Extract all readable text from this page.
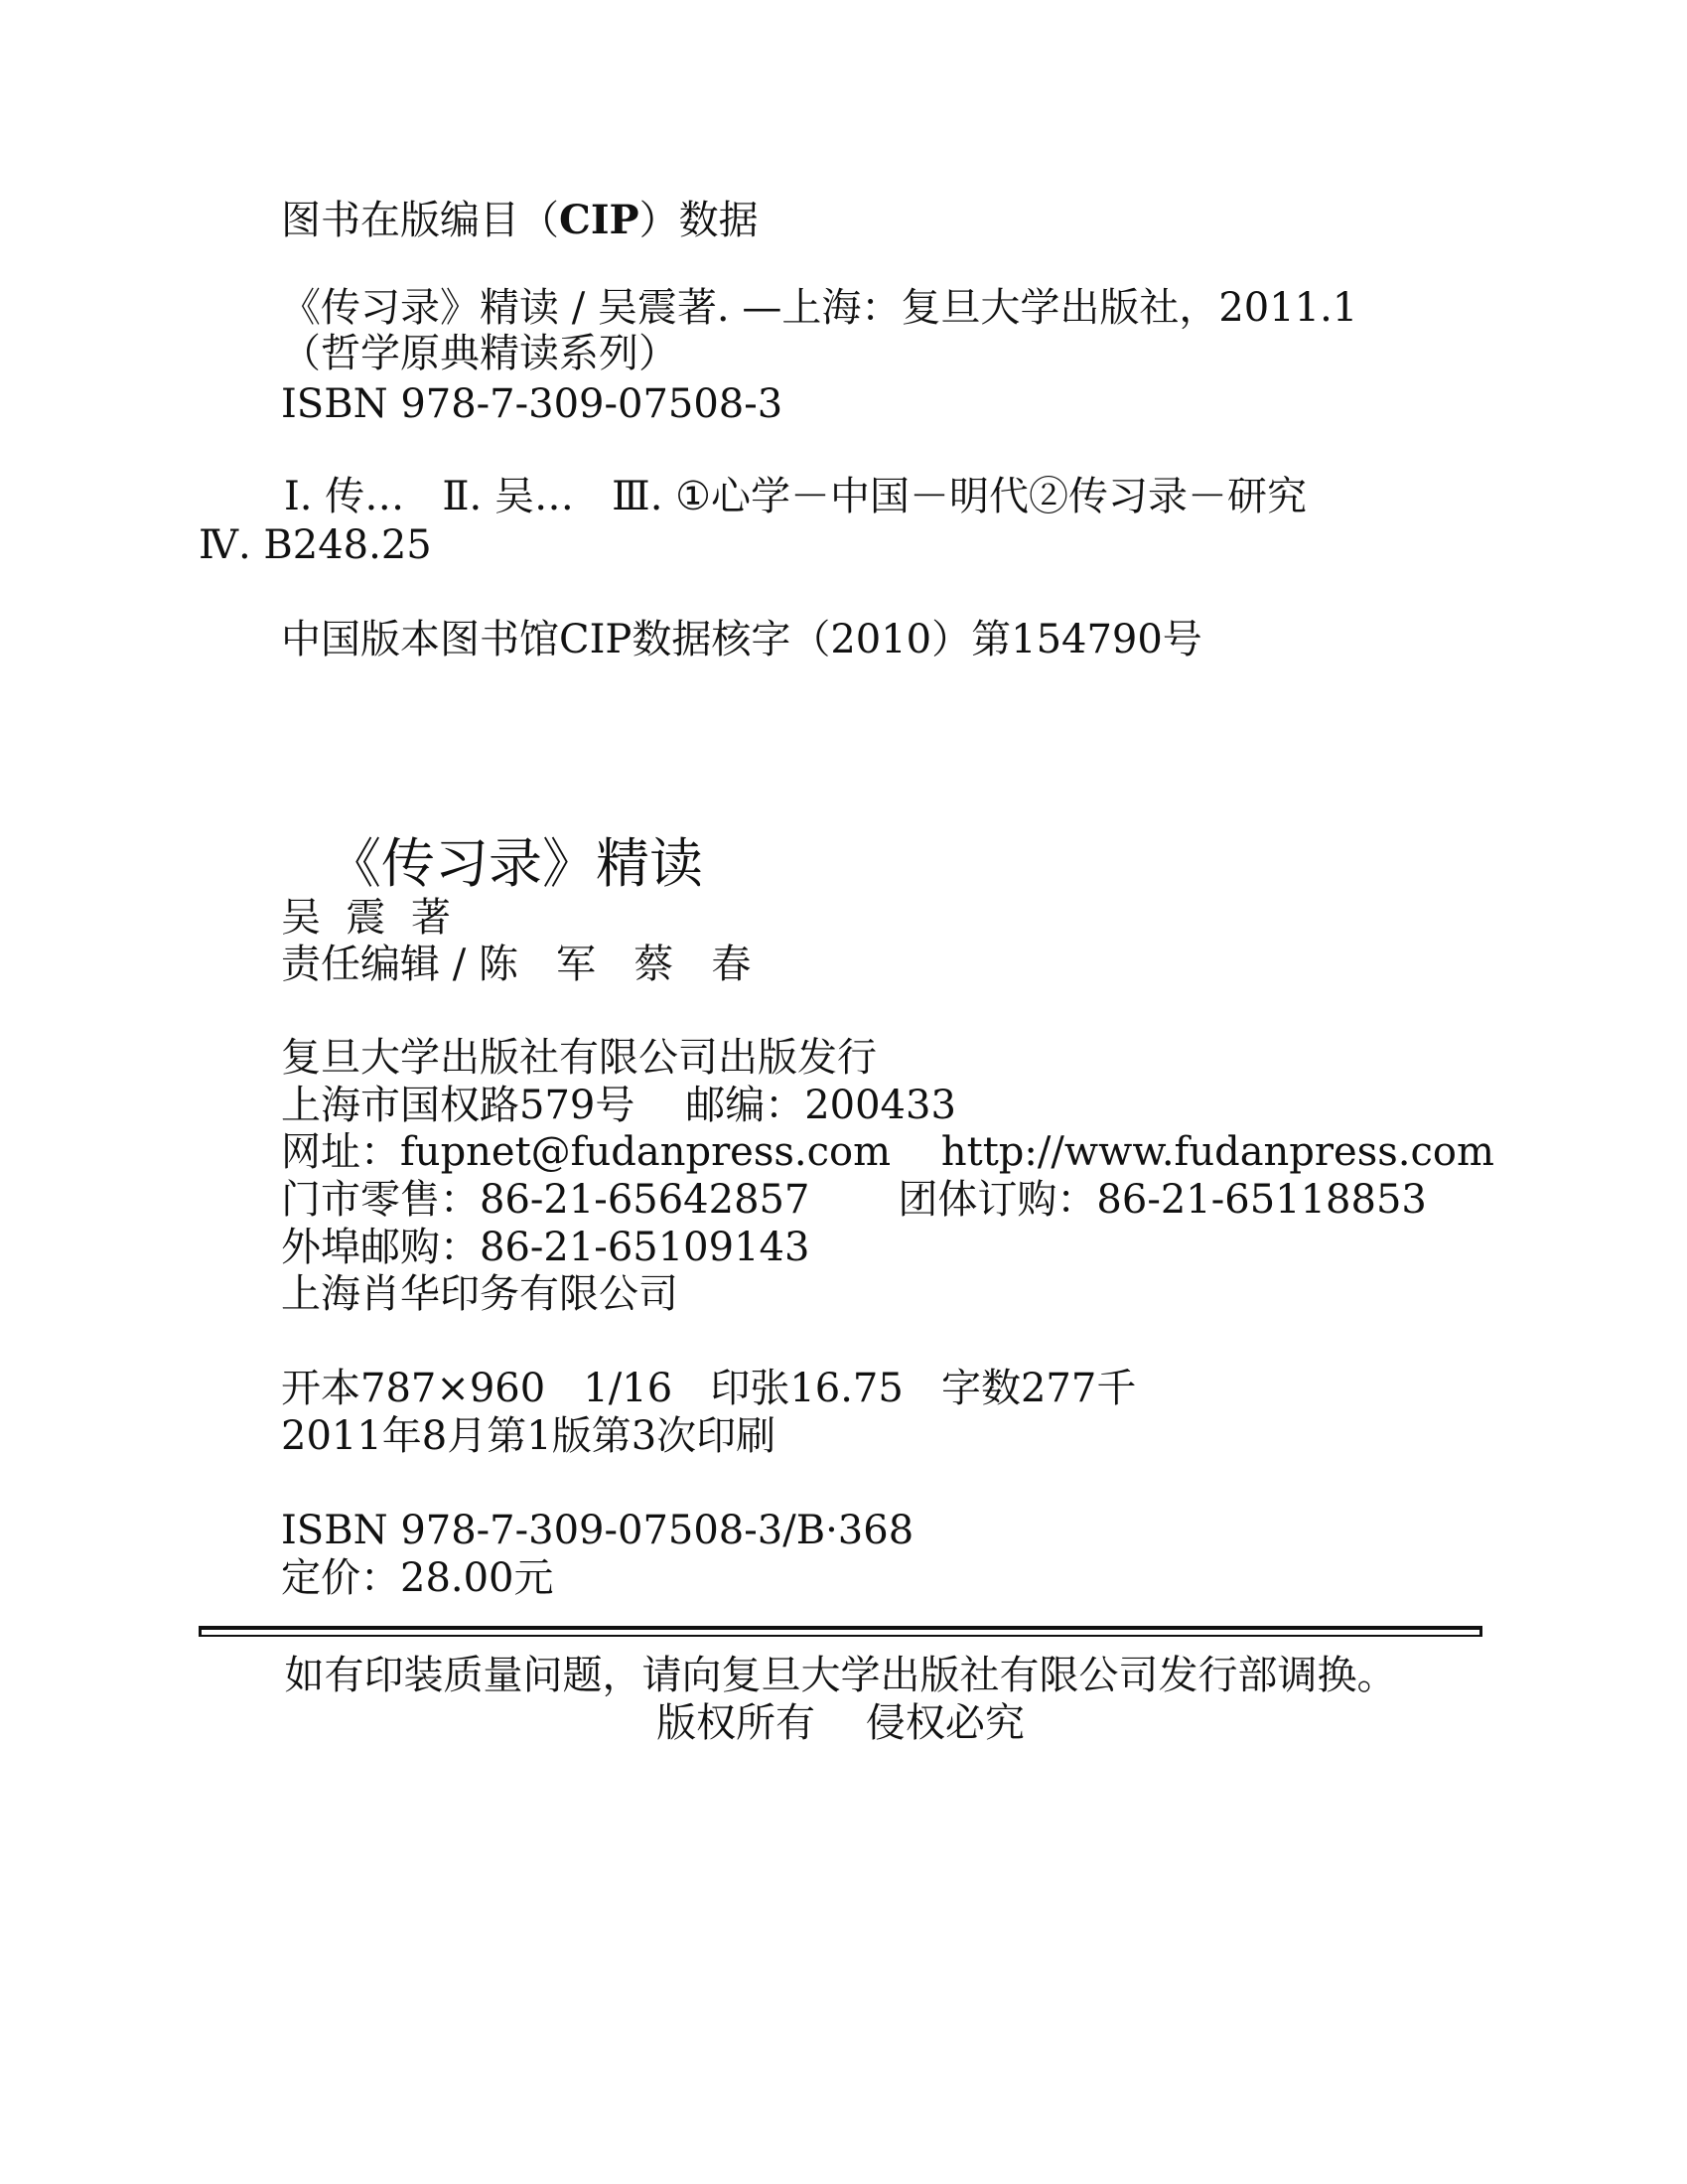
图书在版编目（CIP）数据
《传习录》精读 / 吴震著. —上海：复旦大学出版社，2011.1
（哲学原典精读系列）
ISBN 978-7-309-07508-3
Ⅰ. 传…   Ⅱ. 吴…   Ⅲ. ①心学－中国－明代②传习录－研究
Ⅳ. B248.25
中国版本图书馆CIP数据核字（2010）第154790号
《传习录》精读
吴  震  著
责任编辑 / 陈   军   蔡   春
复旦大学出版社有限公司出版发行
上海市国权路579号    邮编：200433
网址：fupnet@fudanpress.com    http://www.fudanpress.com
门市零售：86-21-65642857       团体订购：86-21-65118853
外埠邮购：86-21-65109143
上海肖华印务有限公司
开本787×960   1/16   印张16.75   字数277千
2011年8月第1版第3次印刷
ISBN 978-7-309-07508-3/B·368
定价：28.00元
如有印装质量问题，请向复旦大学出版社有限公司发行部调换。
版权所有    侵权必究
